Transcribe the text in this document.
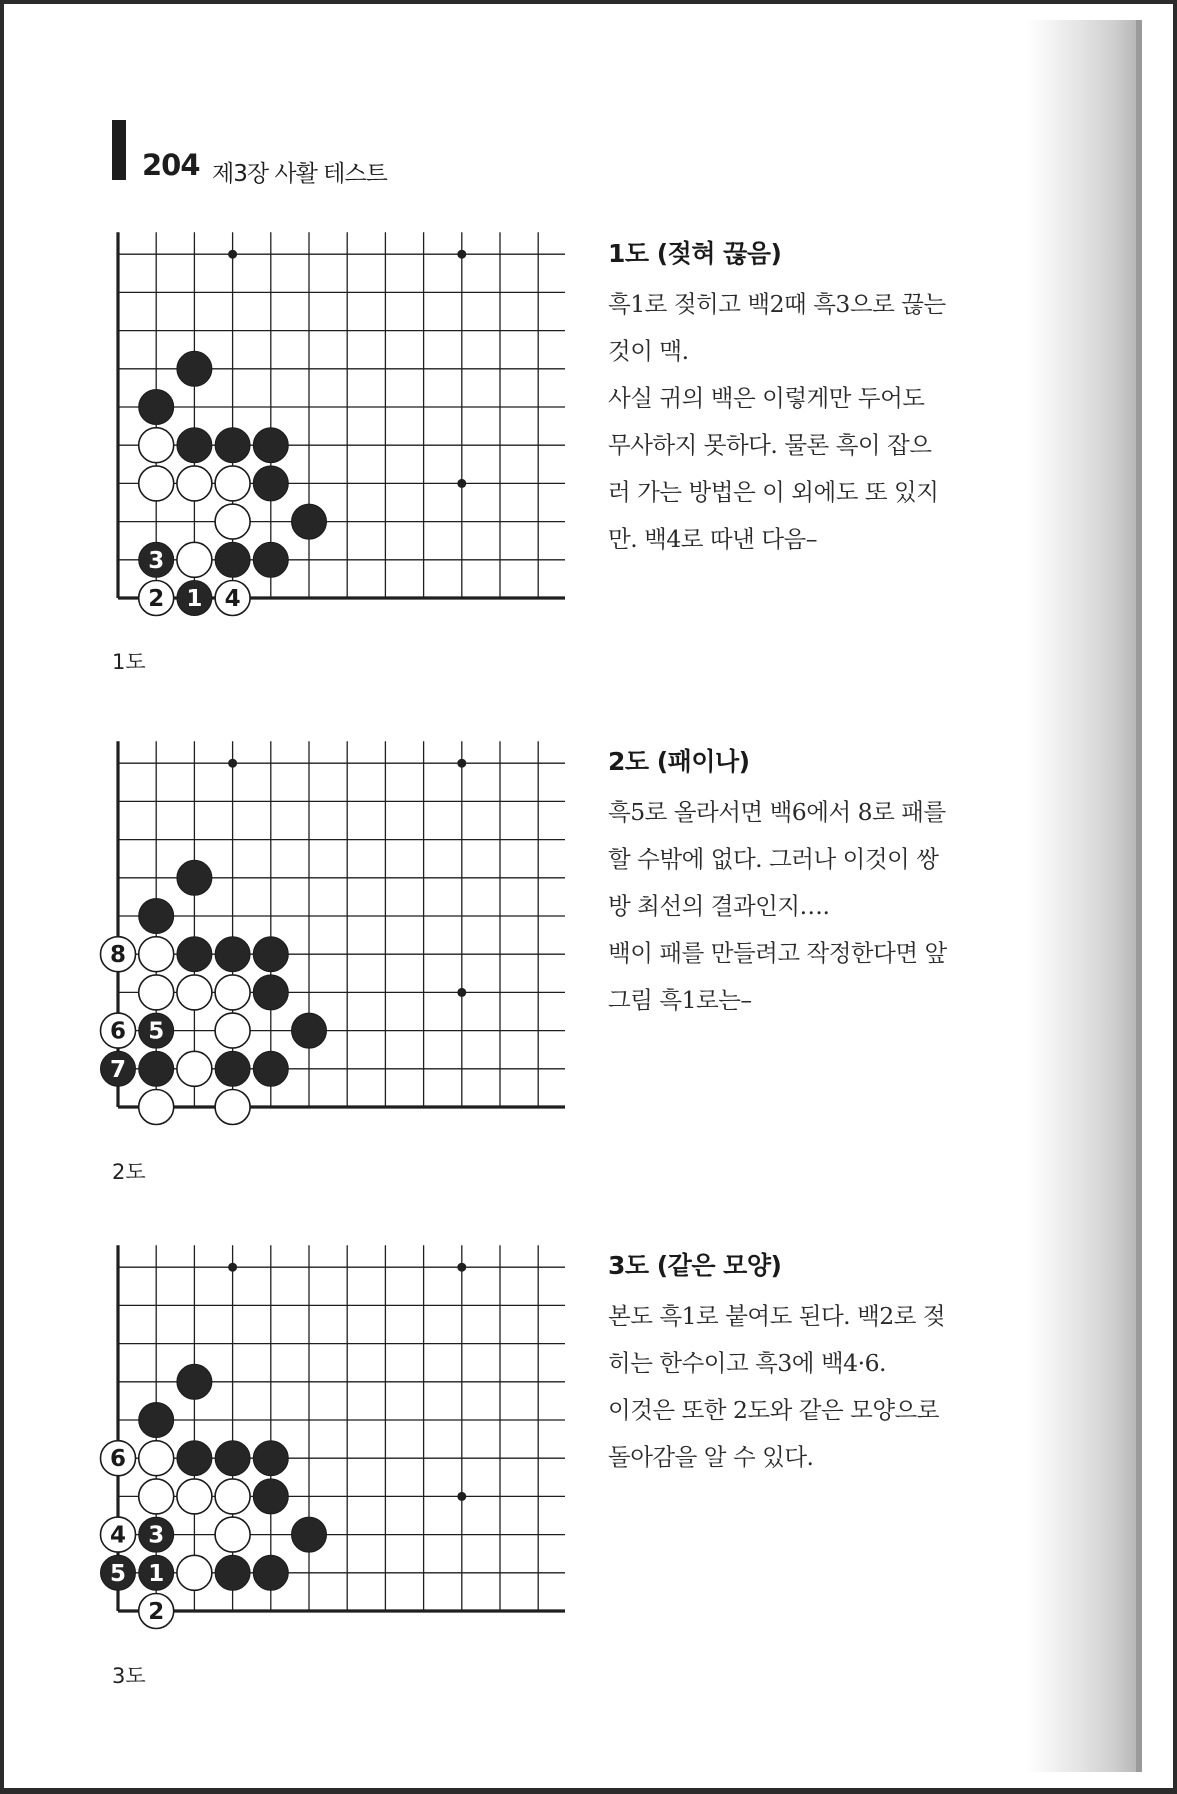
204 제3장 사활 테스트
3
2 1 4
1도
1도 (젖혀 끊음)
흑1로 젖히고 백2때 흑3으로 끊는
것이 맥.
사실 귀의 백은 이렇게만 두어도
무사하지 못하다. 물론 흑이 잡으
러 가는 방법은 이 외에도 또 있지
만. 백4로 따낸 다음–
8
6 5
7
2도
2도 (패이나)
흑5로 올라서면 백6에서 8로 패를
할 수밖에 없다. 그러나 이것이 쌍
방 최선의 결과인지….
백이 패를 만들려고 작정한다면 앞
그림 흑1로는–
6
4 3
5 1
2
3도
3도 (같은 모양)
본도 흑1로 붙여도 된다. 백2로 젖
히는 한수이고 흑3에 백4·6.
이것은 또한 2도와 같은 모양으로
돌아감을 알 수 있다.
